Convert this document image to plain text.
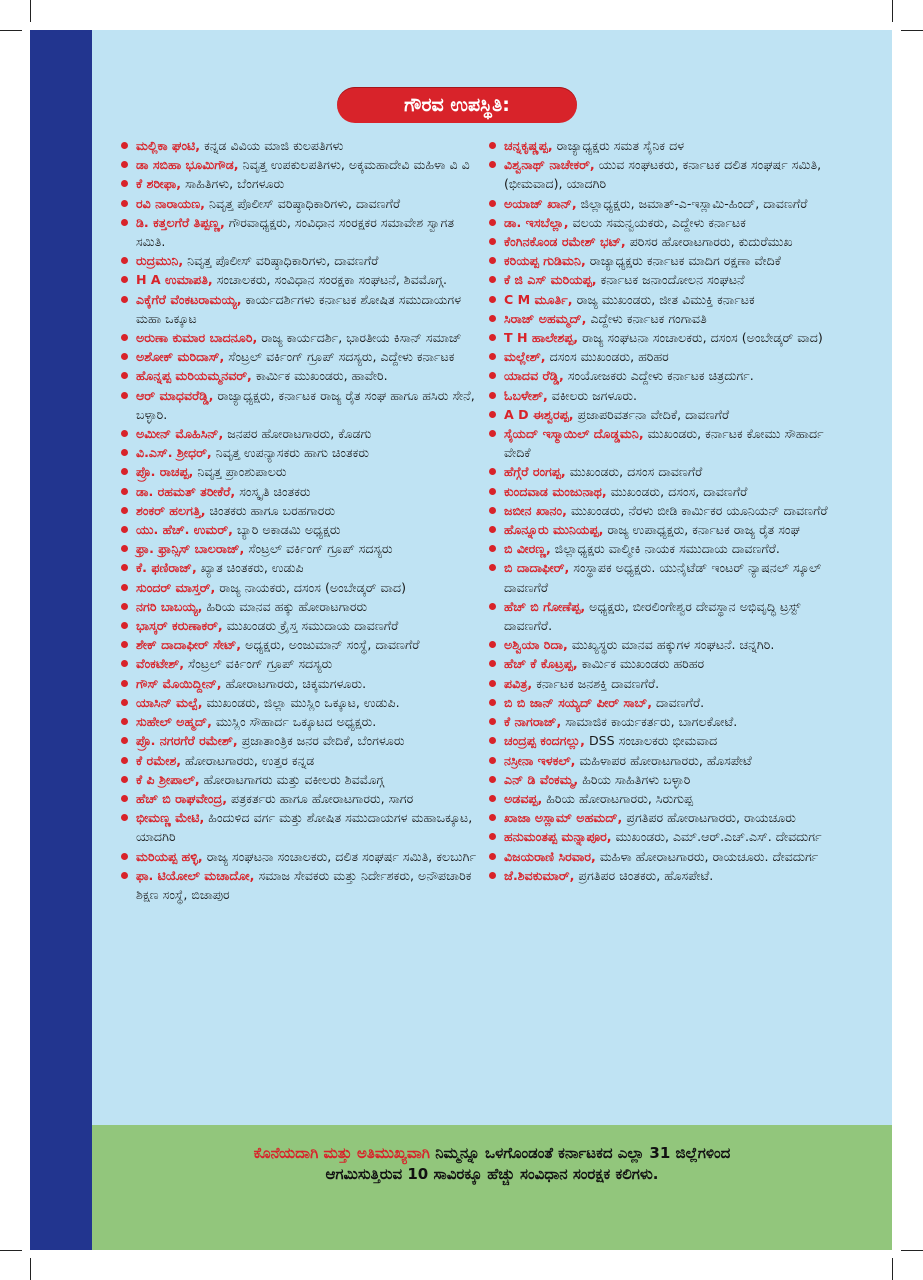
ಗೌರವ ಉಪಸ್ಥಿತಿ:
ಮಲ್ಲಿಕಾ ಘಂಟಿ, ಕನ್ನಡ ವಿವಿಯ ಮಾಜಿ ಕುಲಪತಿಗಳು
ಡಾ ಸಬಿಹಾ ಭೂಮಿಗೌಡ, ನಿವೃತ್ತ ಉಪಕುಲಪತಿಗಳು, ಅಕ್ಕಮಹಾದೇವಿ ಮಹಿಳಾ ವಿ ವಿ
ಕೆ ಶರೀಫಾ, ಸಾಹಿತಿಗಳು, ಬೆಂಗಳೂರು
ರವಿ ನಾರಾಯಣ, ನಿವೃತ್ತ ಪೊಲೀಸ್ ವರಿಷ್ಠಾಧಿಕಾರಿಗಳು, ದಾವಣಗೆರೆ
ಡಿ. ಕತ್ತಲಗೆರೆ ತಿಪ್ಪಣ್ಣ, ಗೌರವಾಧ್ಯಕ್ಷರು, ಸಂವಿಧಾನ ಸಂರಕ್ಷಕರ ಸಮಾವೇಶ ಸ್ವಾಗತ ಸಮಿತಿ.
ರುದ್ರಮುನಿ, ನಿವೃತ್ತ ಪೊಲೀಸ್ ವರಿಷ್ಠಾಧಿಕಾರಿಗಳು, ದಾವಣಗೆರೆ
H A ಉಮಾಪತಿ, ಸಂಚಾಲಕರು, ಸಂವಿಧಾನ ಸಂರಕ್ಷಕಾ ಸಂಘಟನೆ, ಶಿವಮೊಗ್ಗ.
ಎಕ್ಕೆಗೆರೆ ವೆಂಕಟರಾಮಯ್ಯ, ಕಾರ್ಯದರ್ಶಿಗಳು ಕರ್ನಾಟಕ ಶೋಷಿತ ಸಮುದಾಯಗಳ ಮಹಾ ಒಕ್ಕೂಟ
ಅರುಣಾ ಕುಮಾರ ಬಾದನೂರಿ, ರಾಜ್ಯ ಕಾರ್ಯದರ್ಶಿ, ಭಾರತೀಯ ಕಿಸಾನ್ ಸಮಾಜ್
ಅಶೋಕ್ ಮರಿದಾಸ್, ಸೆಂಟ್ರಲ್ ವರ್ಕಿಂಗ್ ಗ್ರೂಪ್ ಸದಸ್ಯರು, ಎದ್ದೇಳು ಕರ್ನಾಟಕ
ಹೊನ್ನಪ್ಪ ಮರಿಯಮ್ಮನವರ್, ಕಾರ್ಮಿಕ ಮುಖಂಡರು, ಹಾವೇರಿ.
ಆರ್ ಮಾಧವರೆಡ್ಡಿ, ರಾಜ್ಯಾಧ್ಯಕ್ಷರು, ಕರ್ನಾಟಕ ರಾಜ್ಯ ರೈತ ಸಂಘ ಹಾಗೂ ಹಸಿರು ಸೇನೆ, ಬಳ್ಳಾರಿ.
ಅಮೀನ್ ಮೊಹಿಸಿನ್, ಜನಪರ ಹೋರಾಟಗಾರರು, ಕೊಡಗು
ವಿ.ಎಸ್. ಶ್ರೀಧರ್, ನಿವೃತ್ತ ಉಪನ್ಯಾಸಕರು ಹಾಗು ಚಿಂತಕರು
ಪ್ರೊ. ರಾಚಪ್ಪ, ನಿವೃತ್ತ ಪ್ರಾಂಶುಪಾಲರು
ಡಾ. ರಹಮತ್ ತರೀಕೆರೆ, ಸಂಸ್ಕೃತಿ ಚಿಂತಕರು
ಶಂಕರ್ ಹಲಗತ್ತಿ, ಚಿಂತಕರು ಹಾಗೂ ಬರಹಗಾರರು
ಯು. ಹೆಚ್. ಉಮರ್, ಬ್ಯಾರಿ ಅಕಾಡಮಿ ಅಧ್ಯಕ್ಷರು
ಫ್ರಾ. ಫ್ರಾನ್ಸಿಸ್ ಬಾಲರಾಜ್, ಸೆಂಟ್ರಲ್ ವರ್ಕಿಂಗ್ ಗ್ರೂಪ್ ಸದಸ್ಯರು
ಕೆ. ಫಣಿರಾಜ್, ಖ್ಯಾತ ಚಿಂತಕರು, ಉಡುಪಿ
ಸುಂದರ್ ಮಾಸ್ತರ್, ರಾಜ್ಯ ನಾಯಕರು, ದಸಂಸ (ಅಂಬೇಡ್ಕರ್ ವಾದ)
ನಗರಿ ಬಾಬಯ್ಯ, ಹಿರಿಯ ಮಾನವ ಹಕ್ಕು ಹೋರಾಟಗಾರರು
ಭಾಸ್ಕರ್ ಕರುಣಾಕರ್, ಮುಖಂಡರು ಕ್ರೈಸ್ತ ಸಮುದಾಯ ದಾವಣಗೆರೆ
ಶೇಕ್ ದಾದಾಫೀರ್ ಸೇಟ್, ಅಧ್ಯಕ್ಷರು, ಅಂಜುಮಾನ್ ಸಂಸ್ಥೆ, ದಾವಣಗೆರೆ
ವೆಂಕಟೇಶ್, ಸೆಂಟ್ರಲ್ ವರ್ಕಿಂಗ್ ಗ್ರೂಪ್ ಸದಸ್ಯರು
ಗೌಸ್ ಮೊಯಿದ್ದೀನ್, ಹೋರಾಟಗಾರರು, ಚಿಕ್ಕಮಗಳೂರು.
ಯಾಸಿನ್ ಮಲ್ಪೆ, ಮುಖಂಡರು, ಜಿಲ್ಲಾ ಮುಸ್ಲಿಂ ಒಕ್ಕೂಟ, ಉಡುಪಿ.
ಸುಹೇಲ್ ಅಹ್ಮದ್, ಮುಸ್ಲಿಂ ಸೌಹಾರ್ದ ಒಕ್ಕೂಟದ ಅಧ್ಯಕ್ಷರು.
ಪ್ರೊ. ನಗರಗೆರೆ ರಮೇಶ್, ಪ್ರಜಾತಾಂತ್ರಿಕ ಜನರ ವೇದಿಕೆ, ಬೆಂಗಳೂರು
ಕೆ ರಮೇಶ, ಹೋರಾಟಗಾರರು, ಉತ್ತರ ಕನ್ನಡ
ಕೆ ಪಿ ಶ್ರೀಪಾಲ್, ಹೋರಾಟಗಾಗರು ಮತ್ತು ವಕೀಲರು ಶಿವಮೊಗ್ಗ
ಹೆಚ್ ಬಿ ರಾಘವೇಂದ್ರ, ಪತ್ರಕರ್ತರು ಹಾಗೂ ಹೋರಾಟಗಾರರು, ಸಾಗರ
ಭೀಮಣ್ಣ ಮೇಟಿ, ಹಿಂದುಳಿದ ವರ್ಗ ಮತ್ತು ಶೋಷಿತ ಸಮುದಾಯಗಳ ಮಹಾಒಕ್ಕೂಟ, ಯಾದಗಿರಿ
ಮರಿಯಪ್ಪ ಹಳ್ಳಿ, ರಾಜ್ಯ ಸಂಘಟನಾ ಸಂಚಾಲಕರು, ದಲಿತ ಸಂಘರ್ಷ ಸಮಿತಿ, ಕಲಬುರ್ಗಿ
ಫಾ. ಟಿಯೋಲ್ ಮಚಾದೋ, ಸಮಾಜ ಸೇವಕರು ಮತ್ತು ನಿರ್ದೇಶಕರು, ಅನೌಪಚಾರಿಕ ಶಿಕ್ಷಣ ಸಂಸ್ಥೆ, ಬಿಜಾಪುರ
ಚನ್ನಕೃಷ್ಣಪ್ಪ, ರಾಜ್ಯಾಧ್ಯಕ್ಷರು ಸಮತ ಸೈನಿಕ ದಳ
ವಿಶ್ವನಾಥ್ ನಾಚೇಕರ್, ಯುವ ಸಂಘಟಕರು, ಕರ್ನಾಟಕ ದಲಿತ ಸಂಘರ್ಷ ಸಮಿತಿ, (ಭೀಮವಾದ), ಯಾದಗಿರಿ
ಅಯಾಜ್ ಖಾನ್, ಜಿಲ್ಲಾಧ್ಯಕ್ಷರು, ಜಮಾತ್-ಎ-ಇಸ್ಲಾಮಿ-ಹಿಂದ್, ದಾವಣಗೆರೆ
ಡಾ. ಇಸಬೆಲ್ಲಾ, ವಲಯ ಸಮನ್ವಯಕರು, ಎದ್ದೇಳು ಕರ್ನಾಟಕ
ಕೆಂಗಿನಕೊಂಡ ರಮೇಶ್ ಭಟ್, ಪರಿಸರ ಹೋರಾಟಗಾರರು, ಕುದುರೆಮುಖ
ಕರಿಯಪ್ಪ ಗುಡಿಮನಿ, ರಾಜ್ಯಾಧ್ಯಕ್ಷರು ಕರ್ನಾಟಕ ಮಾದಿಗ ರಕ್ಷಣಾ ವೇದಿಕೆ
ಕೆ ಜಿ ಎಸ್ ಮರಿಯಪ್ಪ, ಕರ್ನಾಟಕ ಜನಾಂದೋಲನ ಸಂಘಟನೆ
C M ಮೂರ್ತಿ, ರಾಜ್ಯ ಮುಖಂಡರು, ಜೀತ ವಿಮುಕ್ತಿ ಕರ್ನಾಟಕ
ಸಿರಾಜ್ ಅಹಮ್ಮದ್, ಎದ್ದೇಳು ಕರ್ನಾಟಕ ಗಂಗಾವತಿ
T H ಹಾಲೇಶಪ್ಪ, ರಾಜ್ಯ ಸಂಘಟನಾ ಸಂಚಾಲಕರು, ದಸಂಸ (ಅಂಬೇಡ್ಕರ್ ವಾದ)
ಮಲ್ಲೇಶ್, ದಸಂಸ ಮುಖಂಡರು, ಹರಿಹರ
ಯಾದವ ರೆಡ್ಡಿ, ಸಂಯೋಜಕರು ಎದ್ದೇಳು ಕರ್ನಾಟಕ ಚಿತ್ರದುರ್ಗ.
ಓಬಳೇಶ್, ವಕೀಲರು ಜಗಳೂರು.
A D ಈಶ್ವರಪ್ಪ, ಪ್ರಜಾಪರಿವರ್ತನಾ ವೇದಿಕೆ, ದಾವಣಗೆರೆ
ಸೈಯದ್ ಇಸ್ಮಾಯಿಲ್ ದೊಡ್ಡಮನಿ, ಮುಖಂಡರು, ಕರ್ನಾಟಕ ಕೋಮು ಸೌಹಾರ್ದ ವೇದಿಕೆ
ಹೆಗ್ಗೆರೆ ರಂಗಪ್ಪ, ಮುಖಂಡರು, ದಸಂಸ ದಾವಣಗೆರೆ
ಕುಂದವಾಡ ಮಂಜುನಾಥ, ಮುಖಂಡರು, ದಸಂಸ, ದಾವಣಗೆರೆ
ಜಬೀನ ಖಾನಂ, ಮುಖಂಡರು, ನೆರಳು ಬೀಡಿ ಕಾರ್ಮಿಕರ ಯೂನಿಯನ್ ದಾವಣಗೆರೆ
ಹೊನ್ನೂರು ಮುನಿಯಪ್ಪ, ರಾಜ್ಯ ಉಪಾಧ್ಯಕ್ಷರು, ಕರ್ನಾಟಕ ರಾಜ್ಯ ರೈತ ಸಂಘ
ಬಿ ವೀರಣ್ಣ, ಜಿಲ್ಲಾಧ್ಯಕ್ಷರು ವಾಲ್ಮೀಕಿ ನಾಯಕ ಸಮುದಾಯ ದಾವಣಗೆರೆ.
ಬಿ ದಾದಾಫೀರ್, ಸಂಸ್ಥಾಪಕ ಅಧ್ಯಕ್ಷರು. ಯುನೈಟೆಡ್ ಇಂಟರ್ ನ್ಯಾಷನಲ್ ಸ್ಕೂಲ್ ದಾವಣಗೆರೆ
ಹೆಚ್ ಬಿ ಗೋಣೆಪ್ಪ, ಅಧ್ಯಕ್ಷರು, ಬೀರಲಿಂಗೇಶ್ವರ ದೇವಸ್ಥಾನ ಅಭಿವೃದ್ಧಿ ಟ್ರಸ್ಟ್ ದಾವಣಗೆರೆ.
ಅಶ್ವಿಯಾ ರಿದಾ, ಮುಖ್ಯಸ್ಥರು ಮಾನವ ಹಕ್ಕುಗಳ ಸಂಘಟನೆ. ಚನ್ನಗಿರಿ.
ಹೆಚ್ ಕೆ ಕೊಟ್ರಪ್ಪ, ಕಾರ್ಮಿಕ ಮುಖಂಡರು ಹರಿಹರ
ಪವಿತ್ರ, ಕರ್ನಾಟಕ ಜನಶಕ್ತಿ ದಾವಣಗೆರೆ.
ಬಿ ಬಿ ಜಾನ್ ಸಯ್ಯದ್ ಪೀರ್ ಸಾಬ್, ದಾವಣಗೆರೆ.
ಕೆ ನಾಗರಾಜ್, ಸಾಮಾಜಿಕ ಕಾರ್ಯಕರ್ತರು, ಬಾಗಲಕೋಟೆ.
ಚಂದ್ರಪ್ಪ ಕಂದಗಲ್ಲು, DSS ಸಂಚಾಲಕರು ಭೀಮವಾದ
ನಸ್ರೀನಾ ಇಳಕಲ್, ಮಹಿಳಾಪರ ಹೋರಾಟಗಾರರು, ಹೊಸಪೇಟೆ
ಎನ್ ಡಿ ವೆಂಕಮ್ಮ, ಹಿರಿಯ ಸಾಹಿತಿಗಳು ಬಳ್ಳಾರಿ
ಅಡವಪ್ಪ, ಹಿರಿಯ ಹೋರಾಟಗಾರರು, ಸಿರುಗುಪ್ಪ
ಖಾಜಾ ಅಸ್ಲಾಮ್ ಅಹಮದ್, ಪ್ರಗತಿಪರ ಹೋರಾಟಗಾರರು, ರಾಯಚೂರು
ಹನುಮಂತಪ್ಪ ಮನ್ನಾಪೂರ, ಮುಖಂಡರು, ಎಮ್.ಆರ್.ಎಚ್.ಎಸ್. ದೇವದುರ್ಗ
ವಿಜಯರಾಣಿ ಸಿರವಾರ, ಮಹಿಳಾ ಹೋರಾಟಗಾರರು, ರಾಯಚೂರು. ದೇವದುರ್ಗ
ಜೆ.ಶಿವಕುಮಾರ್, ಪ್ರಗತಿಪರ ಚಿಂತಕರು, ಹೊಸಪೇಟೆ.
ಕೊನೆಯದಾಗಿ ಮತ್ತು ಅತಿಮುಖ್ಯವಾಗಿ ನಿಮ್ಮನ್ನೂ ಒಳಗೊಂಡಂತೆ ಕರ್ನಾಟಕದ ಎಲ್ಲಾ 31 ಜಿಲ್ಲೆಗಳಿಂದ
ಆಗಮಿಸುತ್ತಿರುವ 10 ಸಾವಿರಕ್ಕೂ ಹೆಚ್ಚು ಸಂವಿಧಾನ ಸಂರಕ್ಷಕ ಕಲಿಗಳು.
